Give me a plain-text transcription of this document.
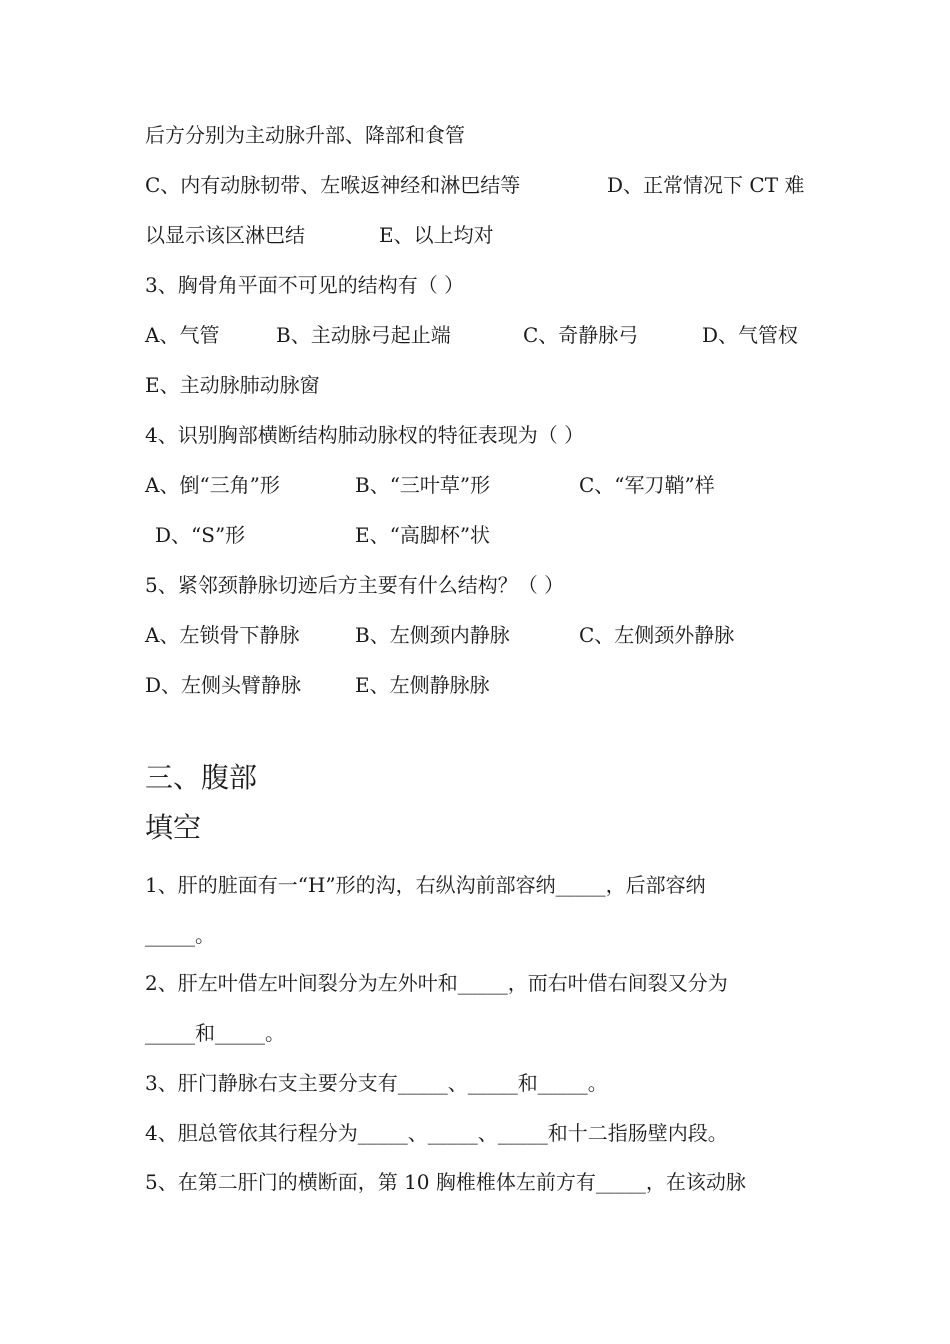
后方分别为主动脉升部、降部和食管
C、内有动脉韧带、左喉返神经和淋巴结等	D、正常情况下 CT 难
以显示该区淋巴结	E、以上均对
3、胸骨角平面不可见的结构有（ ）
A、气管	B、主动脉弓起止端	C、奇静脉弓	D、气管杈
E、主动脉肺动脉窗
4、识别胸部横断结构肺动脉杈的特征表现为（ ）
A、倒“三角”形	B、“三叶草”形	C、“军刀鞘”样
D、“S”形	E、“高脚杯”状
5、紧邻颈静脉切迹后方主要有什么结构？（ ）
A、左锁骨下静脉	B、左侧颈内静脉	C、左侧颈外静脉
D、左侧头臂静脉	E、左侧静脉脉
三、腹部
填空
1、肝的脏面有一“H”形的沟，右纵沟前部容纳_____，后部容纳
_____。
2、肝左叶借左叶间裂分为左外叶和_____，而右叶借右间裂又分为
_____和_____。
3、肝门静脉右支主要分支有_____、_____和_____。
4、胆总管依其行程分为_____、_____、_____和十二指肠壁内段。
5、在第二肝门的横断面，第 10 胸椎椎体左前方有_____，在该动脉
